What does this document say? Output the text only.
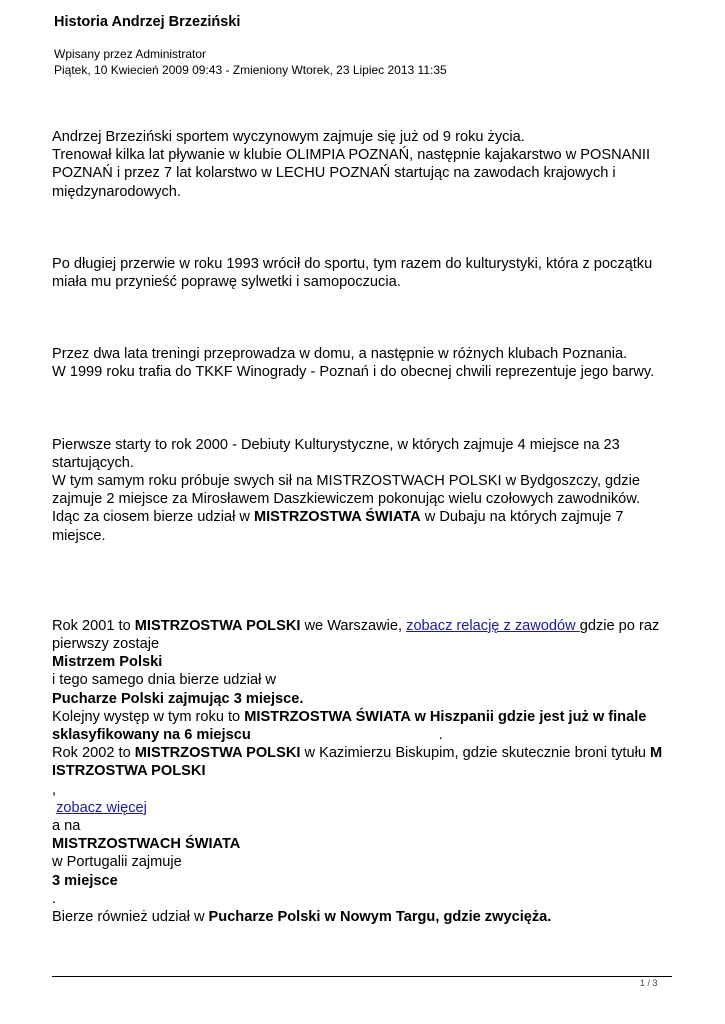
Historia Andrzej Brzeziński
Wpisany przez Administrator
Piątek, 10 Kwiecień 2009 09:43 - Zmieniony Wtorek, 23 Lipiec 2013 11:35

Andrzej Brzeziński sportem wyczynowym zajmuje się już od 9 roku życia.
Trenował kilka lat pływanie w klubie OLIMPIA POZNAŃ, następnie kajakarstwo w POSNANII POZNAŃ i przez 7 lat kolarstwo w LECHU POZNAŃ startując na zawodach krajowych i międzynarodowych.

Po długiej przerwie w roku 1993 wrócił do sportu, tym razem do kulturystyki, która z początku miała mu przynieść poprawę sylwetki i samopoczucia.

Przez dwa lata treningi przeprowadza w domu, a następnie w różnych klubach Poznania.
W 1999 roku trafia do TKKF Winogrady - Poznań i do obecnej chwili reprezentuje jego barwy.

Pierwsze starty to rok 2000 - Debiuty Kulturystyczne, w których zajmuje 4 miejsce na 23 startujących.
W tym samym roku próbuje swych sił na MISTRZOSTWACH POLSKI w Bydgoszczy, gdzie zajmuje 2 miejsce za Mirosławem Daszkiewiczem pokonując wielu czołowych zawodników.
Idąc za ciosem bierze udział w MISTRZOSTWA ŚWIATA w Dubaju na których zajmuje 7 miejsce.

Rok 2001 to MISTRZOSTWA POLSKI we Warszawie, zobacz relację z zawodów gdzie po raz pierwszy zostaje
Mistrzem Polski
i tego samego dnia bierze udział w
Pucharze Polski zajmując 3 miejsce.
Kolejny występ w tym roku to MISTRZOSTWA ŚWIATA w Hiszpanii gdzie jest już w finale sklasyfikowany na 6 miejscu	.
Rok 2002 to MISTRZOSTWA POLSKI w Kazimierzu Biskupim, gdzie skutecznie broni tytułu M ISTRZOSTWA POLSKI
,
zobacz więcej
a na
MISTRZOSTWACH ŚWIATA
w Portugalii zajmuje
3 miejsce
.
Bierze również udział w Pucharze Polski w Nowym Targu, gdzie zwycięża.

1 / 3
